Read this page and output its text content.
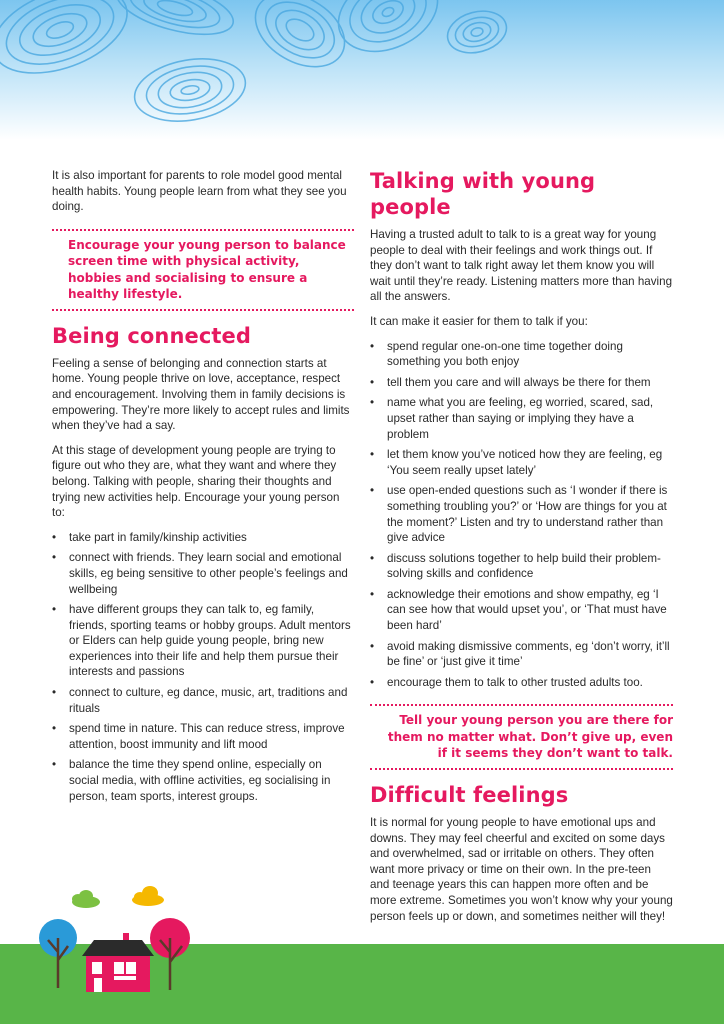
It is also important for parents to role model good mental health habits. Young people learn from what they see you doing.

Encourage your young person to balance screen time with physical activity, hobbies and socialising to ensure a healthy lifestyle.
Being connected

Feeling a sense of belonging and connection starts at home. Young people thrive on love, acceptance, respect and encouragement. Involving them in family decisions is empowering. They’re more likely to accept rules and limits when they’ve had a say.

At this stage of development young people are trying to figure out who they are, what they want and where they belong. Talking with people, sharing their thoughts and trying new activities help. Encourage your young person to:

• take part in family/kinship activities
• connect with friends. They learn social and emotional skills, eg being sensitive to other people’s feelings and wellbeing
• have different groups they can talk to, eg family, friends, sporting teams or hobby groups. Adult mentors or Elders can help guide young people, bring new experiences into their life and help them pursue their interests and passions
• connect to culture, eg dance, music, art, traditions and rituals
• spend time in nature. This can reduce stress, improve attention, boost immunity and lift mood
• balance the time they spend online, especially on social media, with offline activities, eg socialising in person, team sports, interest groups.
Talking with young people

Having a trusted adult to talk to is a great way for young people to deal with their feelings and work things out. If they don’t want to talk right away let them know you will wait until they’re ready. Listening matters more than having all the answers.

It can make it easier for them to talk if you:

• spend regular one-on-one time together doing something you both enjoy
• tell them you care and will always be there for them
• name what you are feeling, eg worried, scared, sad, upset rather than saying or implying they have a problem
• let them know you’ve noticed how they are feeling, eg ‘You seem really upset lately’
• use open-ended questions such as ‘I wonder if there is something troubling you?’ or ‘How are things for you at the moment?’ Listen and try to understand rather than give advice
• discuss solutions together to help build their problem-solving skills and confidence
• acknowledge their emotions and show empathy, eg ‘I can see how that would upset you’, or ‘That must have been hard’
• avoid making dismissive comments, eg ‘don’t worry, it’ll be fine’ or ‘just give it time’
• encourage them to talk to other trusted adults too.
Tell your young person you are there for them no matter what. Don’t give up, even if it seems they don’t want to talk.
Difficult feelings

It is normal for young people to have emotional ups and downs. They may feel cheerful and excited on some days and overwhelmed, sad or irritable on others. They often want more privacy or time on their own. In the pre-teen and teenage years this can happen more often and be more extreme. Sometimes you won’t know why your young person feels up or down, and sometimes neither will they!
